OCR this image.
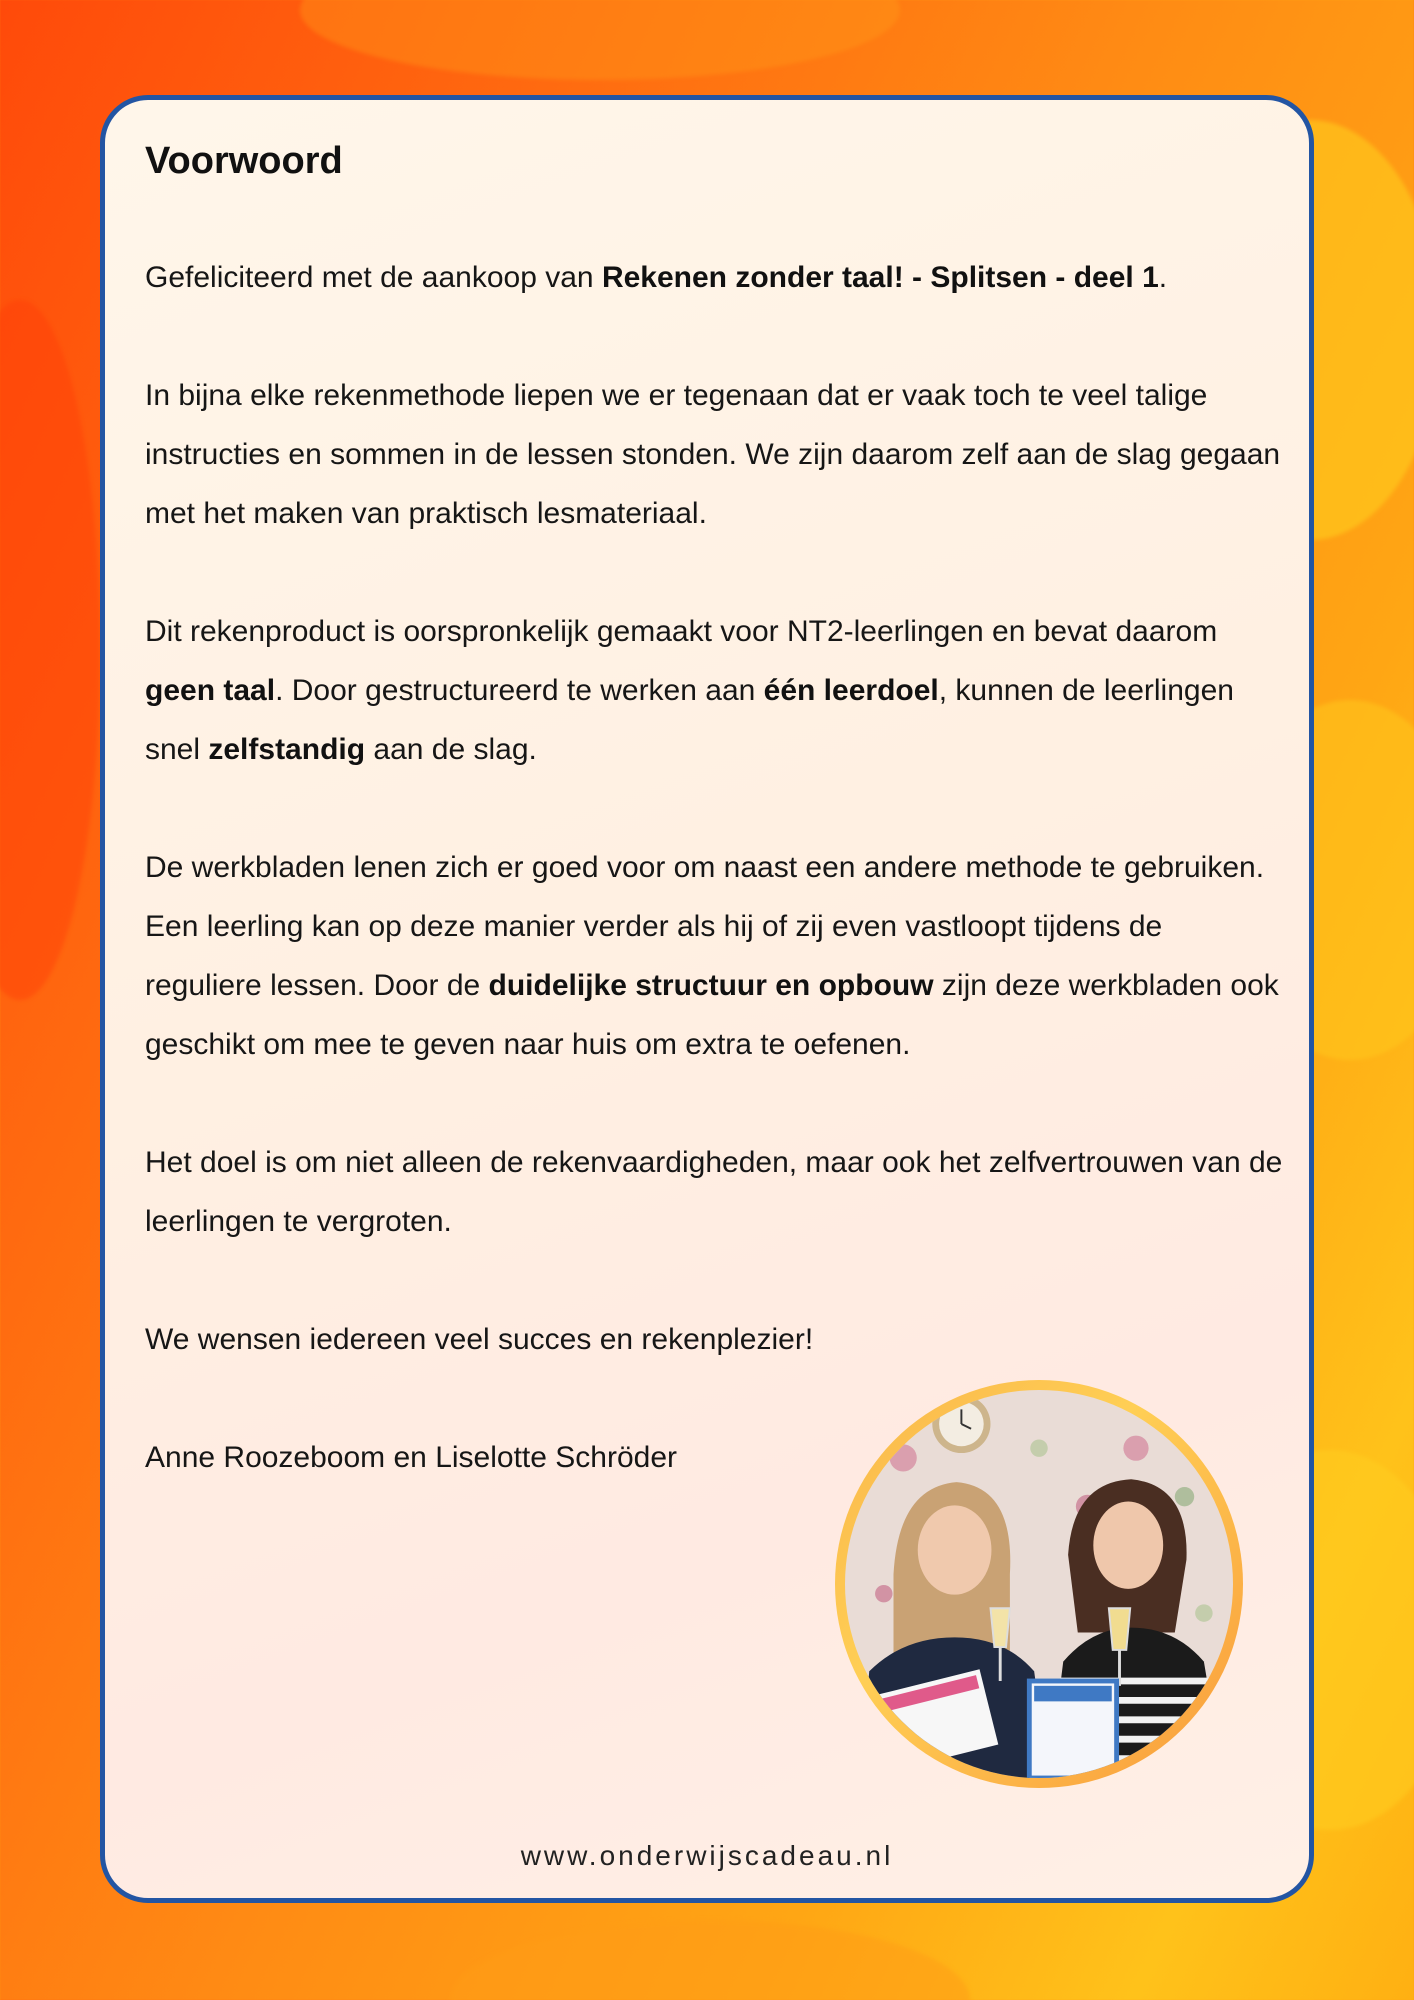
Voorwoord

Gefeliciteerd met de aankoop van Rekenen zonder taal! - Splitsen - deel 1.

In bijna elke rekenmethode liepen we er tegenaan dat er vaak toch te veel talige instructies en sommen in de lessen stonden. We zijn daarom zelf aan de slag gegaan met het maken van praktisch lesmateriaal.

Dit rekenproduct is oorspronkelijk gemaakt voor NT2-leerlingen en bevat daarom geen taal. Door gestructureerd te werken aan één leerdoel, kunnen de leerlingen snel zelfstandig aan de slag.

De werkbladen lenen zich er goed voor om naast een andere methode te gebruiken. Een leerling kan op deze manier verder als hij of zij even vastloopt tijdens de reguliere lessen. Door de duidelijke structuur en opbouw zijn deze werkbladen ook geschikt om mee te geven naar huis om extra te oefenen.

Het doel is om niet alleen de rekenvaardigheden, maar ook het zelfvertrouwen van de leerlingen te vergroten.

We wensen iedereen veel succes en rekenplezier!

Anne Roozeboom en Liselotte Schröder

www.onderwijscadeau.nl
